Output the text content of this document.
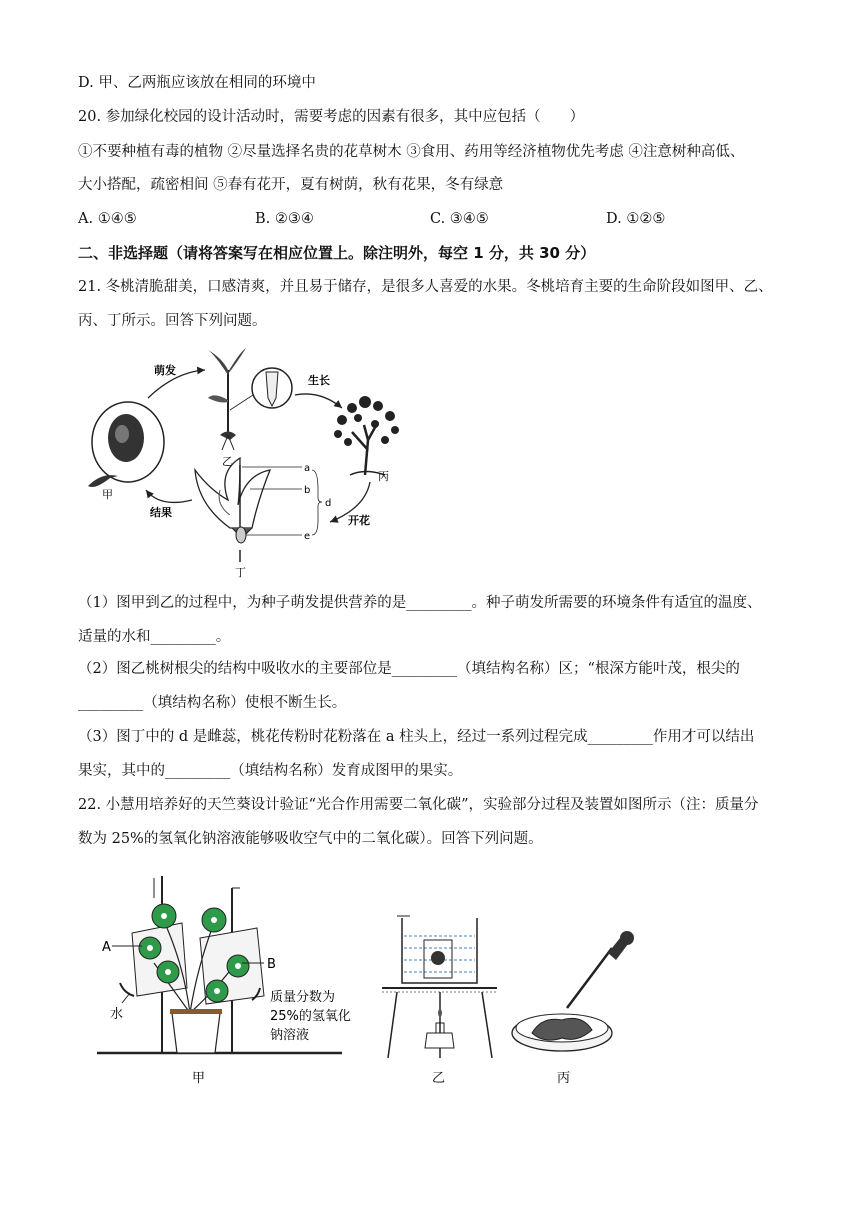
D. 甲、乙两瓶应该放在相同的环境中
20. 参加绿化校园的设计活动时，需要考虑的因素有很多，其中应包括（　　）
①不要种植有毒的植物 ②尽量选择名贵的花草树木 ③食用、药用等经济植物优先考虑 ④注意树种高低、
大小搭配，疏密相间 ⑤春有花开，夏有树荫，秋有花果，冬有绿意
A. ①④⑤	B. ②③④	C. ③④⑤	D. ①②⑤
二、非选择题（请将答案写在相应位置上。除注明外，每空 1 分，共 30 分）
21. 冬桃清脆甜美，口感清爽，并且易于储存，是很多人喜爱的水果。冬桃培育主要的生命阶段如图甲、乙、
丙、丁所示。回答下列问题。
甲
萌发
乙
生长
丙
开花
a
b
d
e
丁
结果
（1）图甲到乙的过程中，为种子萌发提供营养的是_________。种子萌发所需要的环境条件有适宜的温度、
适量的水和_________。
（2）图乙桃树根尖的结构中吸收水的主要部位是_________（填结构名称）区；“根深方能叶茂，根尖的
_________（填结构名称）使根不断生长。
（3）图丁中的 d 是雌蕊，桃花传粉时花粉落在 a 柱头上，经过一系列过程完成_________作用才可以结出
果实，其中的_________（填结构名称）发育成图甲的果实。
22. 小慧用培养好的天竺葵设计验证“光合作用需要二氧化碳”，实验部分过程及装置如图所示（注：质量分
数为 25%的氢氧化钠溶液能够吸收空气中的二氧化碳）。回答下列问题。
A
B
水
质量分数为
25%的氢氧化
钠溶液
甲	乙	丙
